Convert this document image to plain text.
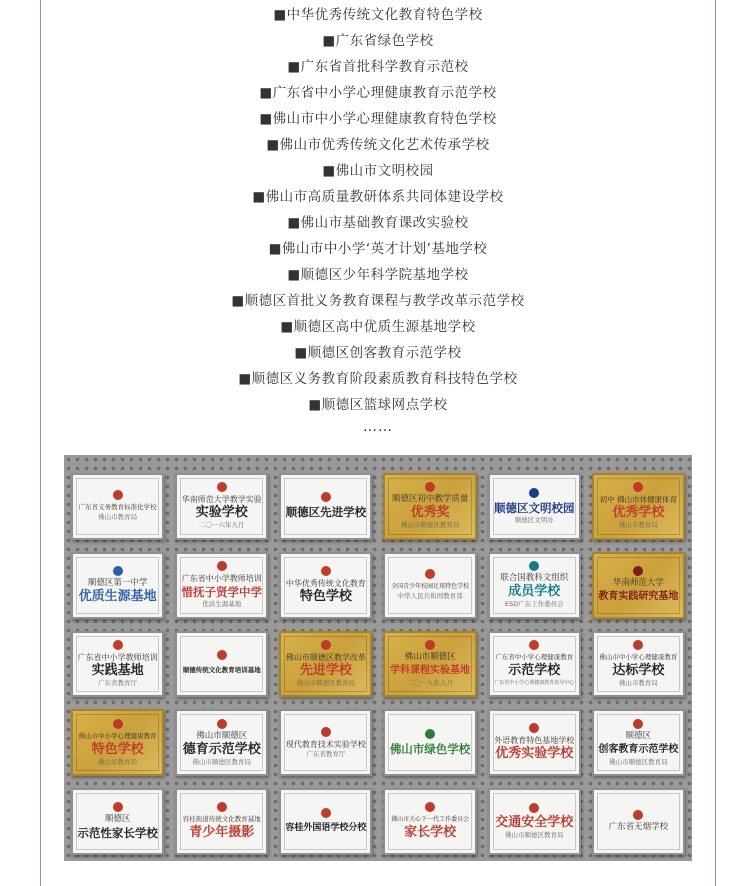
■中华优秀传统文化教育特色学校
■广东省绿色学校
■广东省首批科学教育示范校
■广东省中小学心理健康教育示范学校
■佛山市中小学心理健康教育特色学校
■佛山市优秀传统文化艺术传承学校
■佛山市文明校园
■佛山市高质量教研体系共同体建设学校
■佛山市基础教育课改实验校
■佛山市中小学‘英才计划’基地学校
■顺德区少年科学院基地学校
■顺德区首批义务教育课程与教学改革示范学校
■顺德区高中优质生源基地学校
■顺德区创客教育示范学校
■顺德区义务教育阶段素质教育科技特色学校
■顺德区篮球网点学校
……
广东省义务教育标准化学校
佛山市教育局
华南师范大学教学实验
实验学校
二〇一六年九月
顺德区先进学校
顺德区初中教学质量
优秀奖
佛山市顺德区教育局
顺德区文明校园
顺德区文明办
初中 佛山市体健康体育
优秀学校
佛山市教育局
顺德区第一中学
优质生源基地
广东省中小学教师培训
惜抚子贤学中学
优质生源基地
中华优秀传统文化教育
特色学校
全国青少年校园足球特色学校
中华人民共和国教育部
联合国教科文组织
成员学校
ESD广东工作委员会
华南师范大学
教育实践研究基地
广东省中小学教师培训
实践基地
广东省教育厅
顺德传统文化教育培训基地
佛山市顺德区教学改革
先进学校
佛山市顺德区教育局
佛山市顺德区
学科课程实验基地
二〇一九年九月
广东省中小学心理健康教育
示范学校
广东省中小学心理健康教育指导中心
佛山市中小学心理健康教育
达标学校
佛山市教育局
佛山市中小学心理健康教育
特色学校
佛山市教育局
佛山市顺德区
德育示范学校
佛山市顺德区教育局
现代教育技术实验学校
广东省教育厅	佛山市绿色学校
外语教育特色基地学校
优秀实验学校
顺德区
创客教育示范学校
佛山市顺德区教育局
顺德区
示范性家长学校
容桂街道传统文化教育基地
青少年摄影	容桂外国语学校分校
佛山市关心下一代工作委员会
家长学校
交通安全学校
佛山市顺德区教育局
广东省无烟学校
